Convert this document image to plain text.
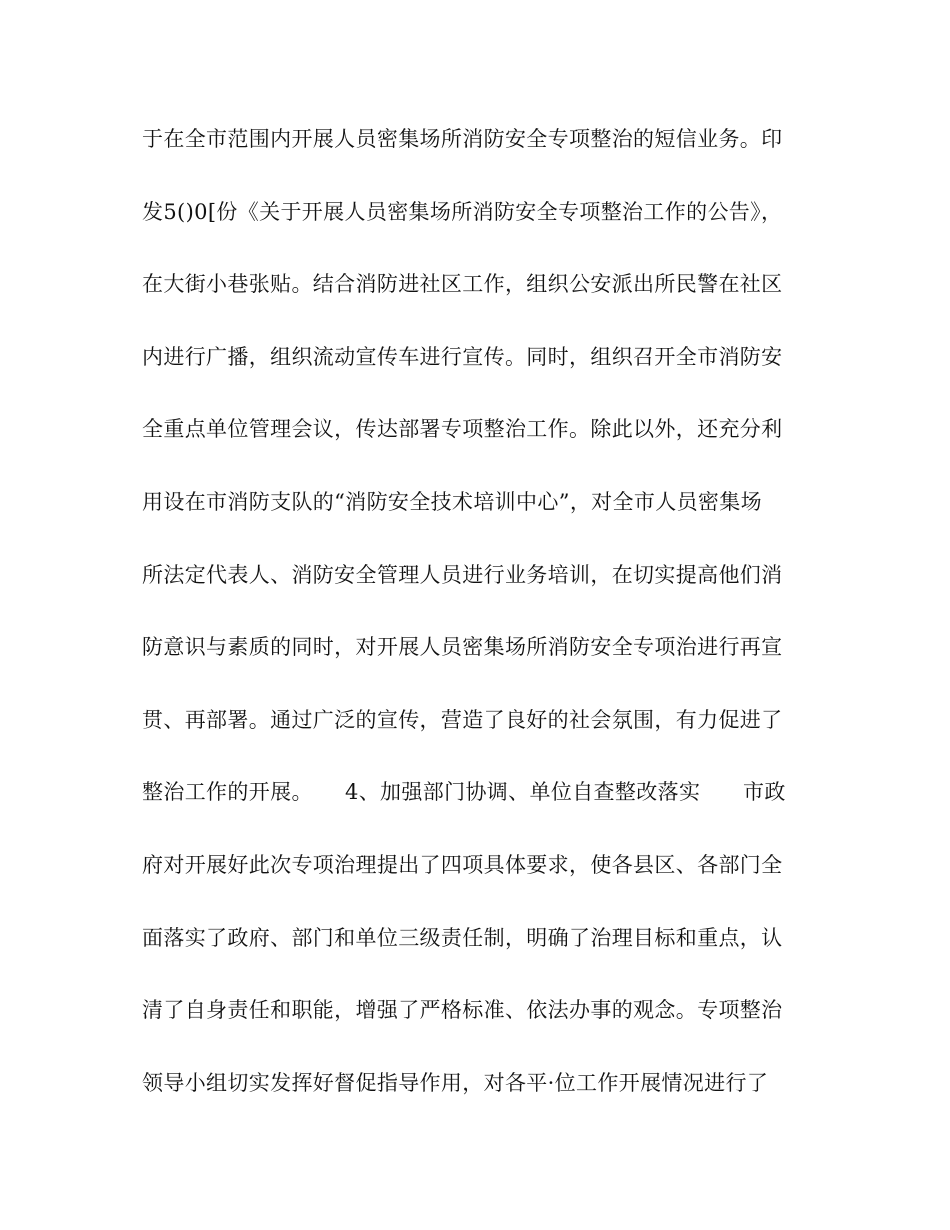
于在全市范围内开展人员密集场所消防安全专项整治的短信业务。印
发5()0[份《关于开展人员密集场所消防安全专项整治工作的公告》，
在大街小巷张贴。结合消防进社区工作，组织公安派出所民警在社区
内进行广播，组织流动宣传车进行宣传。同时，组织召开全市消防安
全重点单位管理会议，传达部署专项整治工作。除此以外，还充分利
用设在市消防支队的“消防安全技术培训中心”，对全市人员密集场
所法定代表人、消防安全管理人员进行业务培训，在切实提高他们消
防意识与素质的同时，对开展人员密集场所消防安全专项治进行再宣
贯、再部署。通过广泛的宣传，营造了良好的社会氛围，有力促进了
整治工作的开展。　　4、加强部门协调、单位自查整改落实　　市政
府对开展好此次专项治理提出了四项具体要求，使各县区、各部门全
面落实了政府、部门和单位三级责任制，明确了治理目标和重点，认
清了自身责任和职能，增强了严格标准、依法办事的观念。专项整治
领导小组切实发挥好督促指导作用，对各平·位工作开展情况进行了
